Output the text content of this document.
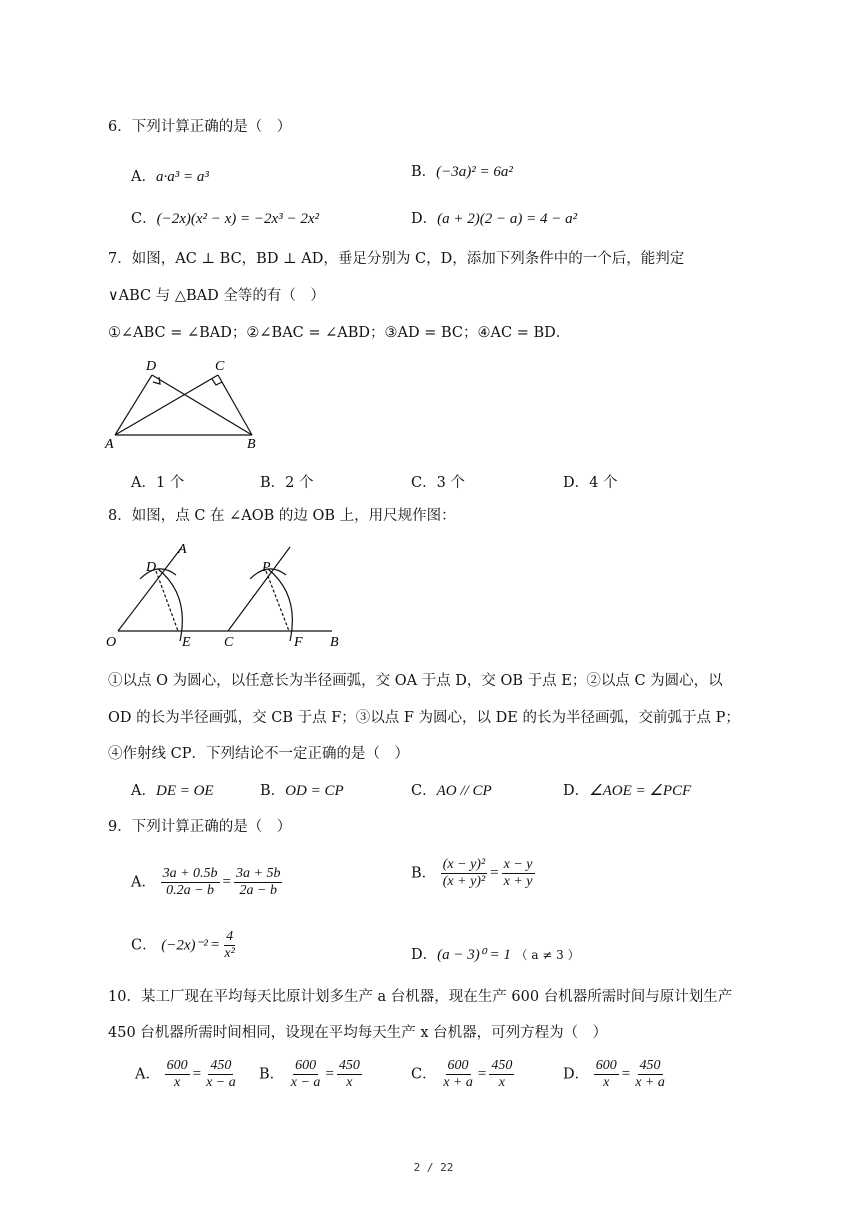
6．下列计算正确的是（　）
A．a·a³ = a³	B．(−3a)² = 6a²
C．(−2x)(x² − x) = −2x³ − 2x²	D．(a + 2)(2 − a) = 4 − a²
7．如图，AC ⊥ BC，BD ⊥ AD，垂足分别为 C，D，添加下列条件中的一个后，能判定
∨ABC 与 △BAD 全等的有（　）
①∠ABC = ∠BAD；②∠BAC = ∠ABD；③AD = BC；④AC = BD．
D	C
A	B
A．1 个	B．2 个	C．3 个	D．4 个
8．如图，点 C 在 ∠AOB 的边 OB 上，用尺规作图：
A
D	P
O	E C	F B
①以点 O 为圆心，以任意长为半径画弧，交 OA 于点 D，交 OB 于点 E；②以点 C 为圆心，以
OD 的长为半径画弧，交 CB 于点 F；③以点 F 为圆心，以 DE 的长为半径画弧，交前弧于点 P；
④作射线 CP．下列结论不一定正确的是（　）
A．DE = OE	B．OD = CP	C．AO // CP	D．∠AOE = ∠PCF
9．下列计算正确的是（　）
A． $\frac{3a + 0.5b}{0.2a - b} = \frac{3a + 5b}{2a - b}$	B． $\frac{\text{(x − y)²}}{\text{(x + y)²}} = \frac{x - y}{x + y}$
C． $(-2x)^{-2} = \frac{4}{\text{x²}}$	D．(a − 3)⁰ = 1 （ a ≠ 3 ）
10．某工厂现在平均每天比原计划多生产 a 台机器，现在生产 600 台机器所需时间与原计划生产
450 台机器所需时间相同，设现在平均每天生产 x 台机器，可列方程为（　）
A． $\frac{600}{x} = \frac{450}{x - a}$ B． $\frac{600}{x - a} = \frac{450}{x}$	C． $\frac{600}{x + a} = \frac{450}{x}$	D． $\frac{600}{x} = \frac{450}{x + a}$
2 / 22
